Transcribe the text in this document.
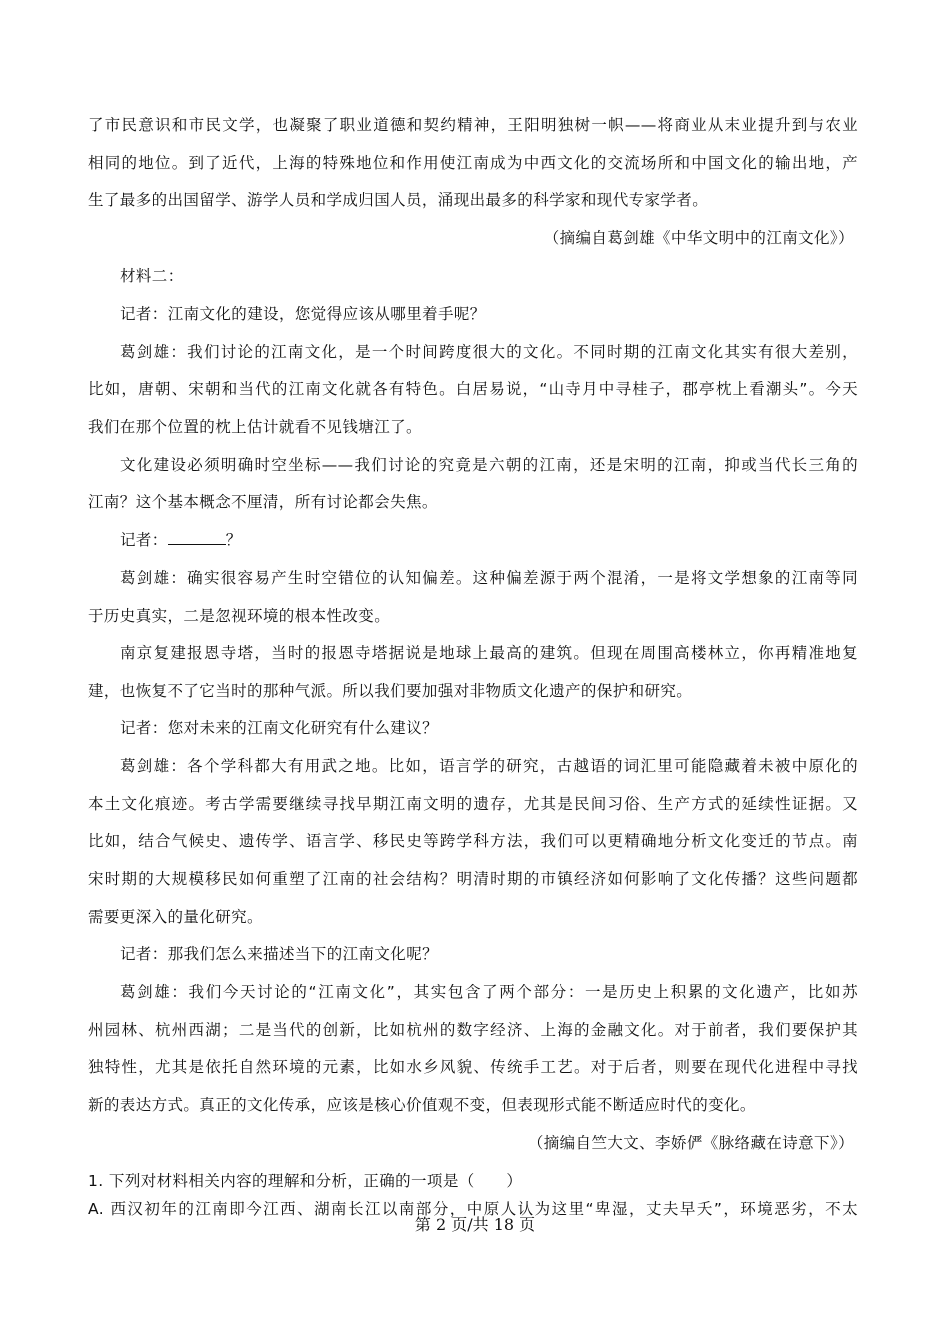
了市民意识和市民文学，也凝聚了职业道德和契约精神，王阳明独树一帜——将商业从末业提升到与农业
相同的地位。到了近代，上海的特殊地位和作用使江南成为中西文化的交流场所和中国文化的输出地，产
生了最多的出国留学、游学人员和学成归国人员，涌现出最多的科学家和现代专家学者。
（摘编自葛剑雄《中华文明中的江南文化》）
材料二：
记者：江南文化的建设，您觉得应该从哪里着手呢？
葛剑雄：我们讨论的江南文化，是一个时间跨度很大的文化。不同时期的江南文化其实有很大差别，
比如，唐朝、宋朝和当代的江南文化就各有特色。白居易说，“山寺月中寻桂子，郡亭枕上看潮头”。今天
我们在那个位置的枕上估计就看不见钱塘江了。
文化建设必须明确时空坐标——我们讨论的究竟是六朝的江南，还是宋明的江南，抑或当代长三角的
江南？这个基本概念不厘清，所有讨论都会失焦。
记者：	？
葛剑雄：确实很容易产生时空错位的认知偏差。这种偏差源于两个混淆，一是将文学想象的江南等同
于历史真实，二是忽视环境的根本性改变。
南京复建报恩寺塔，当时的报恩寺塔据说是地球上最高的建筑。但现在周围高楼林立，你再精准地复
建，也恢复不了它当时的那种气派。所以我们要加强对非物质文化遗产的保护和研究。
记者：您对未来的江南文化研究有什么建议？
葛剑雄：各个学科都大有用武之地。比如，语言学的研究，古越语的词汇里可能隐藏着未被中原化的
本土文化痕迹。考古学需要继续寻找早期江南文明的遗存，尤其是民间习俗、生产方式的延续性证据。又
比如，结合气候史、遗传学、语言学、移民史等跨学科方法，我们可以更精确地分析文化变迁的节点。南
宋时期的大规模移民如何重塑了江南的社会结构？明清时期的市镇经济如何影响了文化传播？这些问题都
需要更深入的量化研究。
记者：那我们怎么来描述当下的江南文化呢？
葛剑雄：我们今天讨论的“江南文化”，其实包含了两个部分：一是历史上积累的文化遗产，比如苏
州园林、杭州西湖；二是当代的创新，比如杭州的数字经济、上海的金融文化。对于前者，我们要保护其
独特性，尤其是依托自然环境的元素，比如水乡风貌、传统手工艺。对于后者，则要在现代化进程中寻找
新的表达方式。真正的文化传承，应该是核心价值观不变，但表现形式能不断适应时代的变化。
（摘编自竺大文、李娇俨《脉络藏在诗意下》）
1. 下列对材料相关内容的理解和分析，正确的一项是（　　）
A. 西汉初年的江南即今江西、湖南长江以南部分，中原人认为这里“卑湿，丈夫早夭”，环境恶劣，不太
第 2 页/共 18 页
